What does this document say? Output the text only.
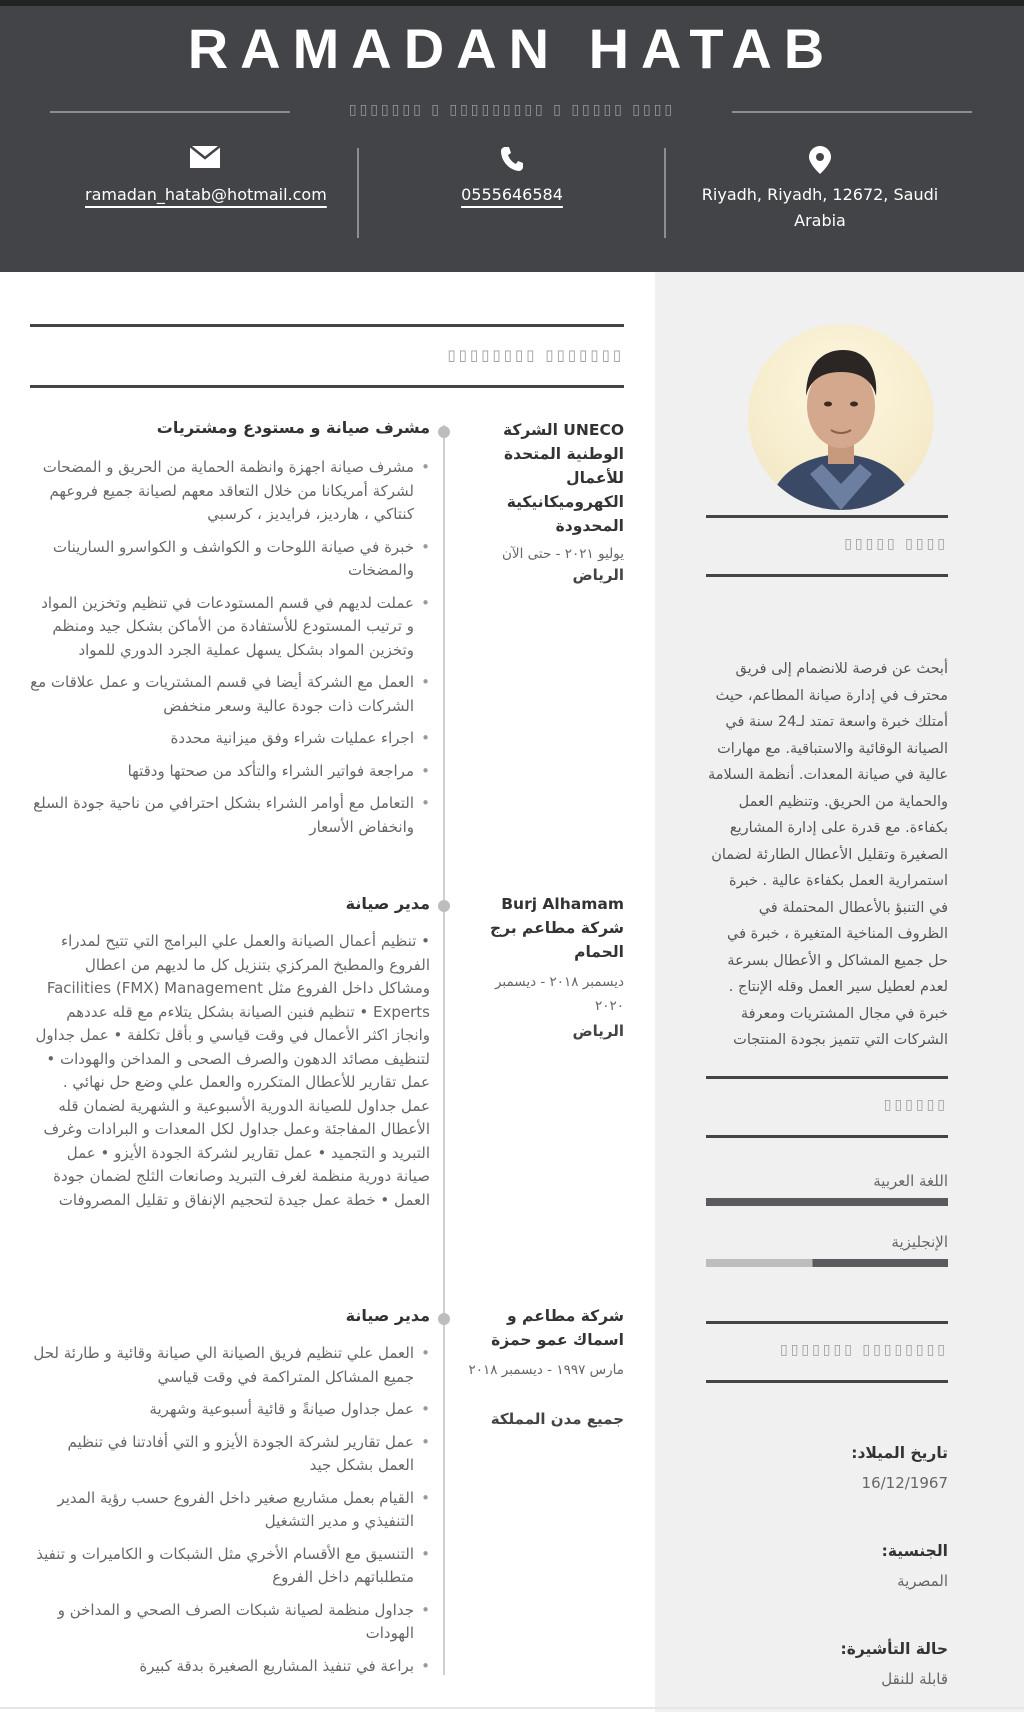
RAMADAN HATAB
▯▯▯▯▯▯▯ ▯ ▯▯▯▯▯▯▯▯▯ ▯ ▯▯▯▯▯ ▯▯▯▯
ramadan_hatab@hotmail.com	0555646584	Riyadh, Riyadh, 12672, Saudi Arabia
▯▯▯▯▯ ▯▯▯▯
أبحث عن فرصة للانضمام إلى فريق محترف في إدارة صيانة المطاعم، حيث أمتلك خبرة واسعة تمتد لـ24 سنة في الصيانة الوقائية والاستباقية. مع مهارات عالية في صيانة المعدات. أنظمة السلامة والحماية من الحريق. وتنظيم العمل بكفاءة. مع قدرة على إدارة المشاريع الصغيرة وتقليل الأعطال الطارئة لضمان استمرارية العمل بكفاءة عالية . خبرة في التنبؤ بالأعطال المحتملة في الظروف المناخية المتغيرة ، خبرة في حل جميع المشاكل و الأعطال بسرعة لعدم لعطيل سير العمل وقله الإنتاج . خبرة في مجال المشتريات ومعرفة الشركات التي تتميز بجودة المنتجات
▯▯▯▯▯▯
اللغة العربية
الإنجليزية
▯▯▯▯▯▯▯ ▯▯▯▯▯▯▯▯
تاريخ الميلاد:
16/12/1967
الجنسية:
المصرية
حالة التأشيرة:
قابلة للنقل
▯▯▯▯▯▯▯▯ ▯▯▯▯▯▯▯
UNECO الشركة الوطنية المتحدة للأعمال الكهروميكانيكية المحدودة
يوليو ٢٠٢١ - حتى الآن
الرياض
مشرف صيانة و مستودع ومشتريات
• مشرف صيانة اجهزة وانظمة الحماية من الحريق و المضحات لشركة أمريكانا من خلال التعاقد معهم لصيانة جميع فروعهم كنتاكي ، هارديز، فرايديز ، كرسبي
• خبرة في صيانة اللوحات و الكواشف و الكواسرو السارينات والمضخات
• عملت لديهم في قسم المستودعات في تنظيم وتخزين المواد و ترتيب المستودع للأستفادة من الأماكن بشكل جيد ومنظم وتخزين المواد بشكل يسهل عملية الجرد الدوري للمواد
• العمل مع الشركة أيضا في قسم المشتريات و عمل علاقات مع الشركات ذات جودة عالية وسعر منخفض
• اجراء عمليات شراء وفق ميزانية محددة
• مراجعة فواتير الشراء والتأكد من صحتها ودقتها
• التعامل مع أوامر الشراء بشكل احترافي من ناحية جودة السلع وانخفاض الأسعار
Burj Alhamam شركة مطاعم برج الحمام
ديسمبر ٢٠١٨ - ديسمبر ٢٠٢٠
الرياض
مدير صيانة
• تنظيم أعمال الصيانة والعمل علي البرامج التي تتيح لمدراء الفروع والمطبخ المركزي بتنزيل كل ما لديهم من اعطال ومشاكل داخل الفروع مثل Facilities (FMX) Management Experts • تنظيم فنين الصيانة بشكل يتلاءم مع قله عددهم وانجاز اكثر الأعمال في وقت قياسي و بأقل تكلفة • عمل جداول لتنظيف مصائد الدهون والصرف الصحى و المداخن والهودات • عمل تقارير للأعطال المتكرره والعمل علي وضع حل نهائي . عمل جداول للصيانة الدورية الأسبوعية و الشهرية لضمان قله الأعطال المفاجئة وعمل جداول لكل المعدات و البرادات وغرف التبريد و التجميد • عمل تقارير لشركة الجودة الأيزو • عمل صيانة دورية منظمة لغرف التبريد وصانعات الثلج لضمان جودة العمل • خطة عمل جيدة لتحجيم الإنفاق و تقليل المصروفات
شركة مطاعم و اسماك عمو حمزة
مارس ١٩٩٧ - ديسمبر ٢٠١٨
جميع مدن المملكة
مدير صيانة
• العمل علي تنظيم فريق الصيانة الي صيانة وقائية و طارئة لحل جميع المشاكل المتراكمة في وقت قياسي
• عمل جداول صيانةً و قائية أسبوعية وشهرية
• عمل تقارير لشركة الجودة الأيزو و التي أفادتنا في تنظيم العمل بشكل جيد
• القيام بعمل مشاريع صغير داخل الفروع حسب رؤية المدير التنفيذي و مدير التشغيل
• التنسيق مع الأقسام الأخري مثل الشبكات و الكاميرات و تنفيذ متطلباتهم داخل الفروع
• جداول منظمة لصيانة شبكات الصرف الصحي و المداخن و الهودات
• براعة في تنفيذ المشاريع الصغيرة بدقة كبيرة
